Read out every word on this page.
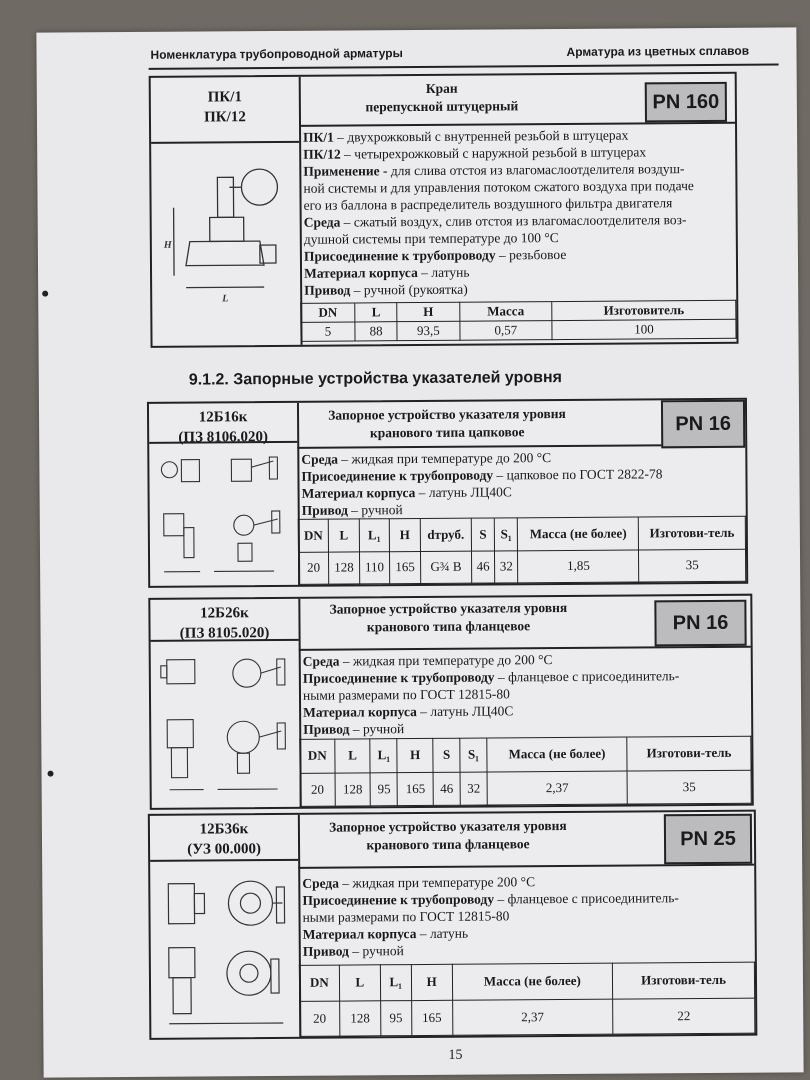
Номенклатура трубопроводной арматуры	Арматура из цветных сплавов
ПК/1
ПК/12
H
L
Кран
перепускной штуцерный	PN 160
ПК/1 – двухрожковый с внутренней резьбой в штуцерах
ПК/12 – четырехрожковый с наружной резьбой в штуцерах
Применение - для слива отстоя из влагомаслоотделителя воздуш-
ной системы и для управления потоком сжатого воздуха при подаче
его из баллона в распределитель воздушного фильтра двигателя
Среда – сжатый воздух, слив отстоя из влагомаслоотделителя воз-
душной системы при температуре до 100 °С
Присоединение к трубопроводу – резьбовое
Материал корпуса – латунь
Привод – ручной (рукоятка)
DN	L	H	Масса	Изготовитель
5	88	93,5	0,57	100
9.1.2. Запорные устройства указателей уровня
12Б16к
(ПЗ 8106.020)
Запорное устройство указателя уровня
кранового типа цапковое	PN 16
Среда – жидкая при температуре до 200 °С
Присоединение к трубопроводу – цапковое по ГОСТ 2822-78
Материал корпуса – латунь ЛЦ40С
Привод – ручной
DN	L	L₁	H	dтруб.	S	S₁	Масса (не более)	Изготови-тель
20	128	110	165	G¾ B	46	32	1,85	35
12Б26к
(ПЗ 8105.020)
Запорное устройство указателя уровня
кранового типа фланцевое	PN 16
Среда – жидкая при температуре до 200 °С
Присоединение к трубопроводу – фланцевое с присоединитель-
ными размерами по ГОСТ 12815-80
Материал корпуса – латунь ЛЦ40С
Привод – ручной
DN	L	L₁	H	S	S₁	Масса (не более)	Изготови-тель
20	128	95	165	46	32	2,37	35
12Б36к
(УЗ 00.000)
Запорное устройство указателя уровня
кранового типа фланцевое	PN 25
Среда – жидкая при температуре 200 °С
Присоединение к трубопроводу – фланцевое с присоединитель-
ными размерами по ГОСТ 12815-80
Материал корпуса – латунь
Привод – ручной
DN	L	L₁	H	Масса (не более)	Изготови-тель
20	128	95	165	2,37	22
15
